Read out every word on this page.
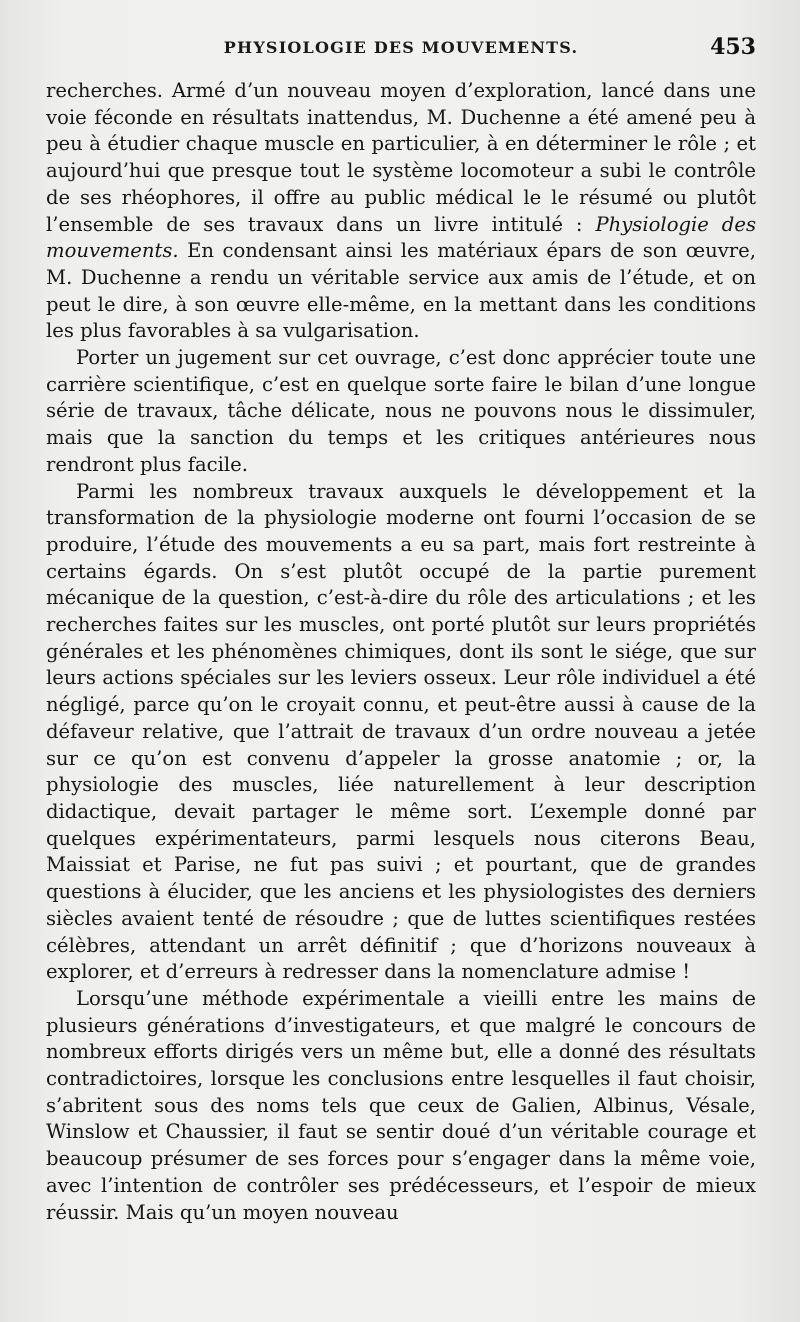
PHYSIOLOGIE DES MOUVEMENTS.	453

recherches. Armé d’un nouveau moyen d’exploration, lancé dans une voie féconde en résultats inattendus, M. Duchenne a été amené peu à peu à étudier chaque muscle en particulier, à en déterminer le rôle ; et aujourd’hui que presque tout le système locomoteur a subi le contrôle de ses rhéophores, il offre au public médical le le résumé ou plutôt l’ensemble de ses travaux dans un livre intitulé : Physiologie des mouvements. En condensant ainsi les matériaux épars de son œuvre, M. Duchenne a rendu un véritable service aux amis de l’étude, et on peut le dire, à son œuvre elle-même, en la mettant dans les conditions les plus favorables à sa vulgarisation.

Porter un jugement sur cet ouvrage, c’est donc apprécier toute une carrière scientifique, c’est en quelque sorte faire le bilan d’une longue série de travaux, tâche délicate, nous ne pouvons nous le dissimuler, mais que la sanction du temps et les critiques antérieures nous rendront plus facile.

Parmi les nombreux travaux auxquels le développement et la transformation de la physiologie moderne ont fourni l’occasion de se produire, l’étude des mouvements a eu sa part, mais fort restreinte à certains égards. On s’est plutôt occupé de la partie purement mécanique de la question, c’est-à-dire du rôle des articulations ; et les recherches faites sur les muscles, ont porté plutôt sur leurs propriétés générales et les phénomènes chimiques, dont ils sont le siége, que sur leurs actions spéciales sur les leviers osseux. Leur rôle individuel a été négligé, parce qu’on le croyait connu, et peut-être aussi à cause de la défaveur relative, que l’attrait de travaux d’un ordre nouveau a jetée sur ce qu’on est convenu d’appeler la grosse anatomie ; or, la physiologie des muscles, liée naturellement à leur description didactique, devait partager le même sort. L’exemple donné par quelques expérimentateurs, parmi lesquels nous citerons Beau, Maissiat et Parise, ne fut pas suivi ; et pourtant, que de grandes questions à élucider, que les anciens et les physiologistes des derniers siècles avaient tenté de résoudre ; que de luttes scientifiques restées célèbres, attendant un arrêt définitif ; que d’horizons nouveaux à explorer, et d’erreurs à redresser dans la nomenclature admise !

Lorsqu’une méthode expérimentale a vieilli entre les mains de plusieurs générations d’investigateurs, et que malgré le concours de nombreux efforts dirigés vers un même but, elle a donné des résultats contradictoires, lorsque les conclusions entre lesquelles il faut choisir, s’abritent sous des noms tels que ceux de Galien, Albinus, Vésale, Winslow et Chaussier, il faut se sentir doué d’un véritable courage et beaucoup présumer de ses forces pour s’engager dans la même voie, avec l’intention de contrôler ses prédécesseurs, et l’espoir de mieux réussir. Mais qu’un moyen nouveau
